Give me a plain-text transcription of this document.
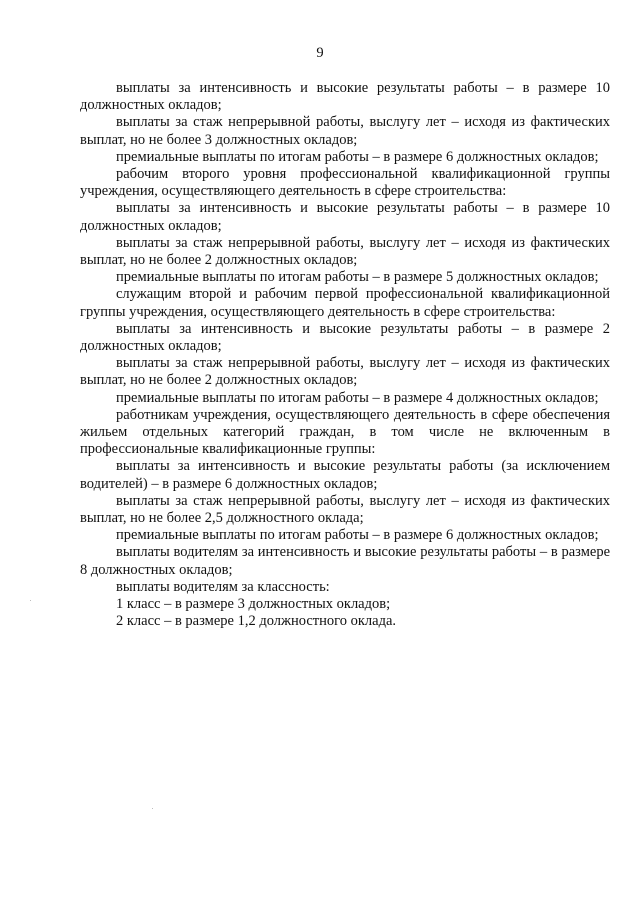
9

выплаты за интенсивность и высокие результаты работы – в размере 10 должностных окладов;

выплаты за стаж непрерывной работы, выслугу лет – исходя из фактических выплат, но не более 3 должностных окладов;

премиальные выплаты по итогам работы – в размере 6 должностных окладов;

рабочим второго уровня профессиональной квалификационной группы учреждения, осуществляющего деятельность в сфере строительства:

выплаты за интенсивность и высокие результаты работы – в размере 10 должностных окладов;

выплаты за стаж непрерывной работы, выслугу лет – исходя из фактических выплат, но не более 2 должностных окладов;

премиальные выплаты по итогам работы – в размере 5 должностных окладов;

служащим второй и рабочим первой профессиональной квалификационной группы учреждения, осуществляющего деятельность в сфере строительства:

выплаты за интенсивность и высокие результаты работы – в размере 2 должностных окладов;

выплаты за стаж непрерывной работы, выслугу лет – исходя из фактических выплат, но не более 2 должностных окладов;

премиальные выплаты по итогам работы – в размере 4 должностных окладов;

работникам учреждения, осуществляющего деятельность в сфере обеспечения жильем отдельных категорий граждан, в том числе не включенным в профессиональные квалификационные группы:

выплаты за интенсивность и высокие результаты работы (за исключением водителей) – в размере 6 должностных окладов;

выплаты за стаж непрерывной работы, выслугу лет – исходя из фактических выплат, но не более 2,5 должностного оклада;

премиальные выплаты по итогам работы – в размере 6 должностных окладов;

выплаты водителям за интенсивность и высокие результаты работы – в размере 8 должностных окладов;

выплаты водителям за классность:

1 класс – в размере 3 должностных окладов;

2 класс – в размере 1,2 должностного оклада.
